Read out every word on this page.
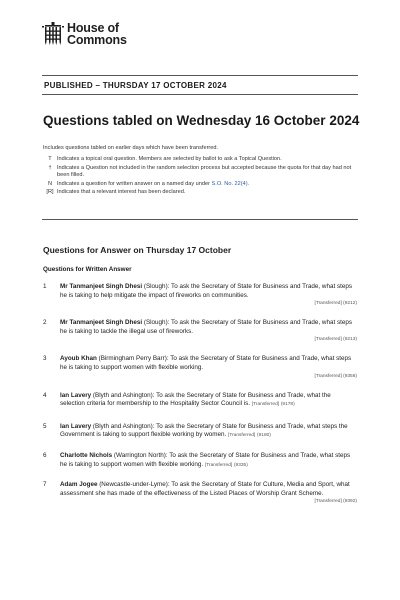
House of
Commons
PUBLISHED – THURSDAY 17 OCTOBER 2024
Questions tabled on Wednesday 16 October 2024
Includes questions tabled on earlier days which have been transferred.
T Indicates a topical oral question. Members are selected by ballot to ask a Topical Question.
† Indicates a Question not included in the random selection process but accepted because the quota for that day had not been filled.
N Indicates a question for written answer on a named day under S.O. No. 22(4).
[R] Indicates that a relevant interest has been declared.
Questions for Answer on Thursday 17 October
Questions for Written Answer
1	Mr Tanmanjeet Singh Dhesi (Slough): To ask the Secretary of State for Business and Trade, what steps he is taking to help mitigate the impact of fireworks on communities.
[Transferred] (9212)
2	Mr Tanmanjeet Singh Dhesi (Slough): To ask the Secretary of State for Business and Trade, what steps he is taking to tackle the illegal use of fireworks.
[Transferred] (9213)
3	Ayoub Khan (Birmingham Perry Barr): To ask the Secretary of State for Business and Trade, what steps he is taking to support women with flexible working.
[Transferred] (9358)
4	Ian Lavery (Blyth and Ashington): To ask the Secretary of State for Business and Trade, what the selection criteria for membership to the Hospitality Sector Council is. [Transferred] (9178)
5	Ian Lavery (Blyth and Ashington): To ask the Secretary of State for Business and Trade, what steps the Government is taking to support flexible working by women. [Transferred] (9180)
6	Charlotte Nichols (Warrington North): To ask the Secretary of State for Business and Trade, what steps he is taking to support women with flexible working. [Transferred] (9335)
7	Adam Jogee (Newcastle-under-Lyme): To ask the Secretary of State for Culture, Media and Sport, what assessment she has made of the effectiveness of the Listed Places of Worship Grant Scheme.
[Transferred] (9392)
